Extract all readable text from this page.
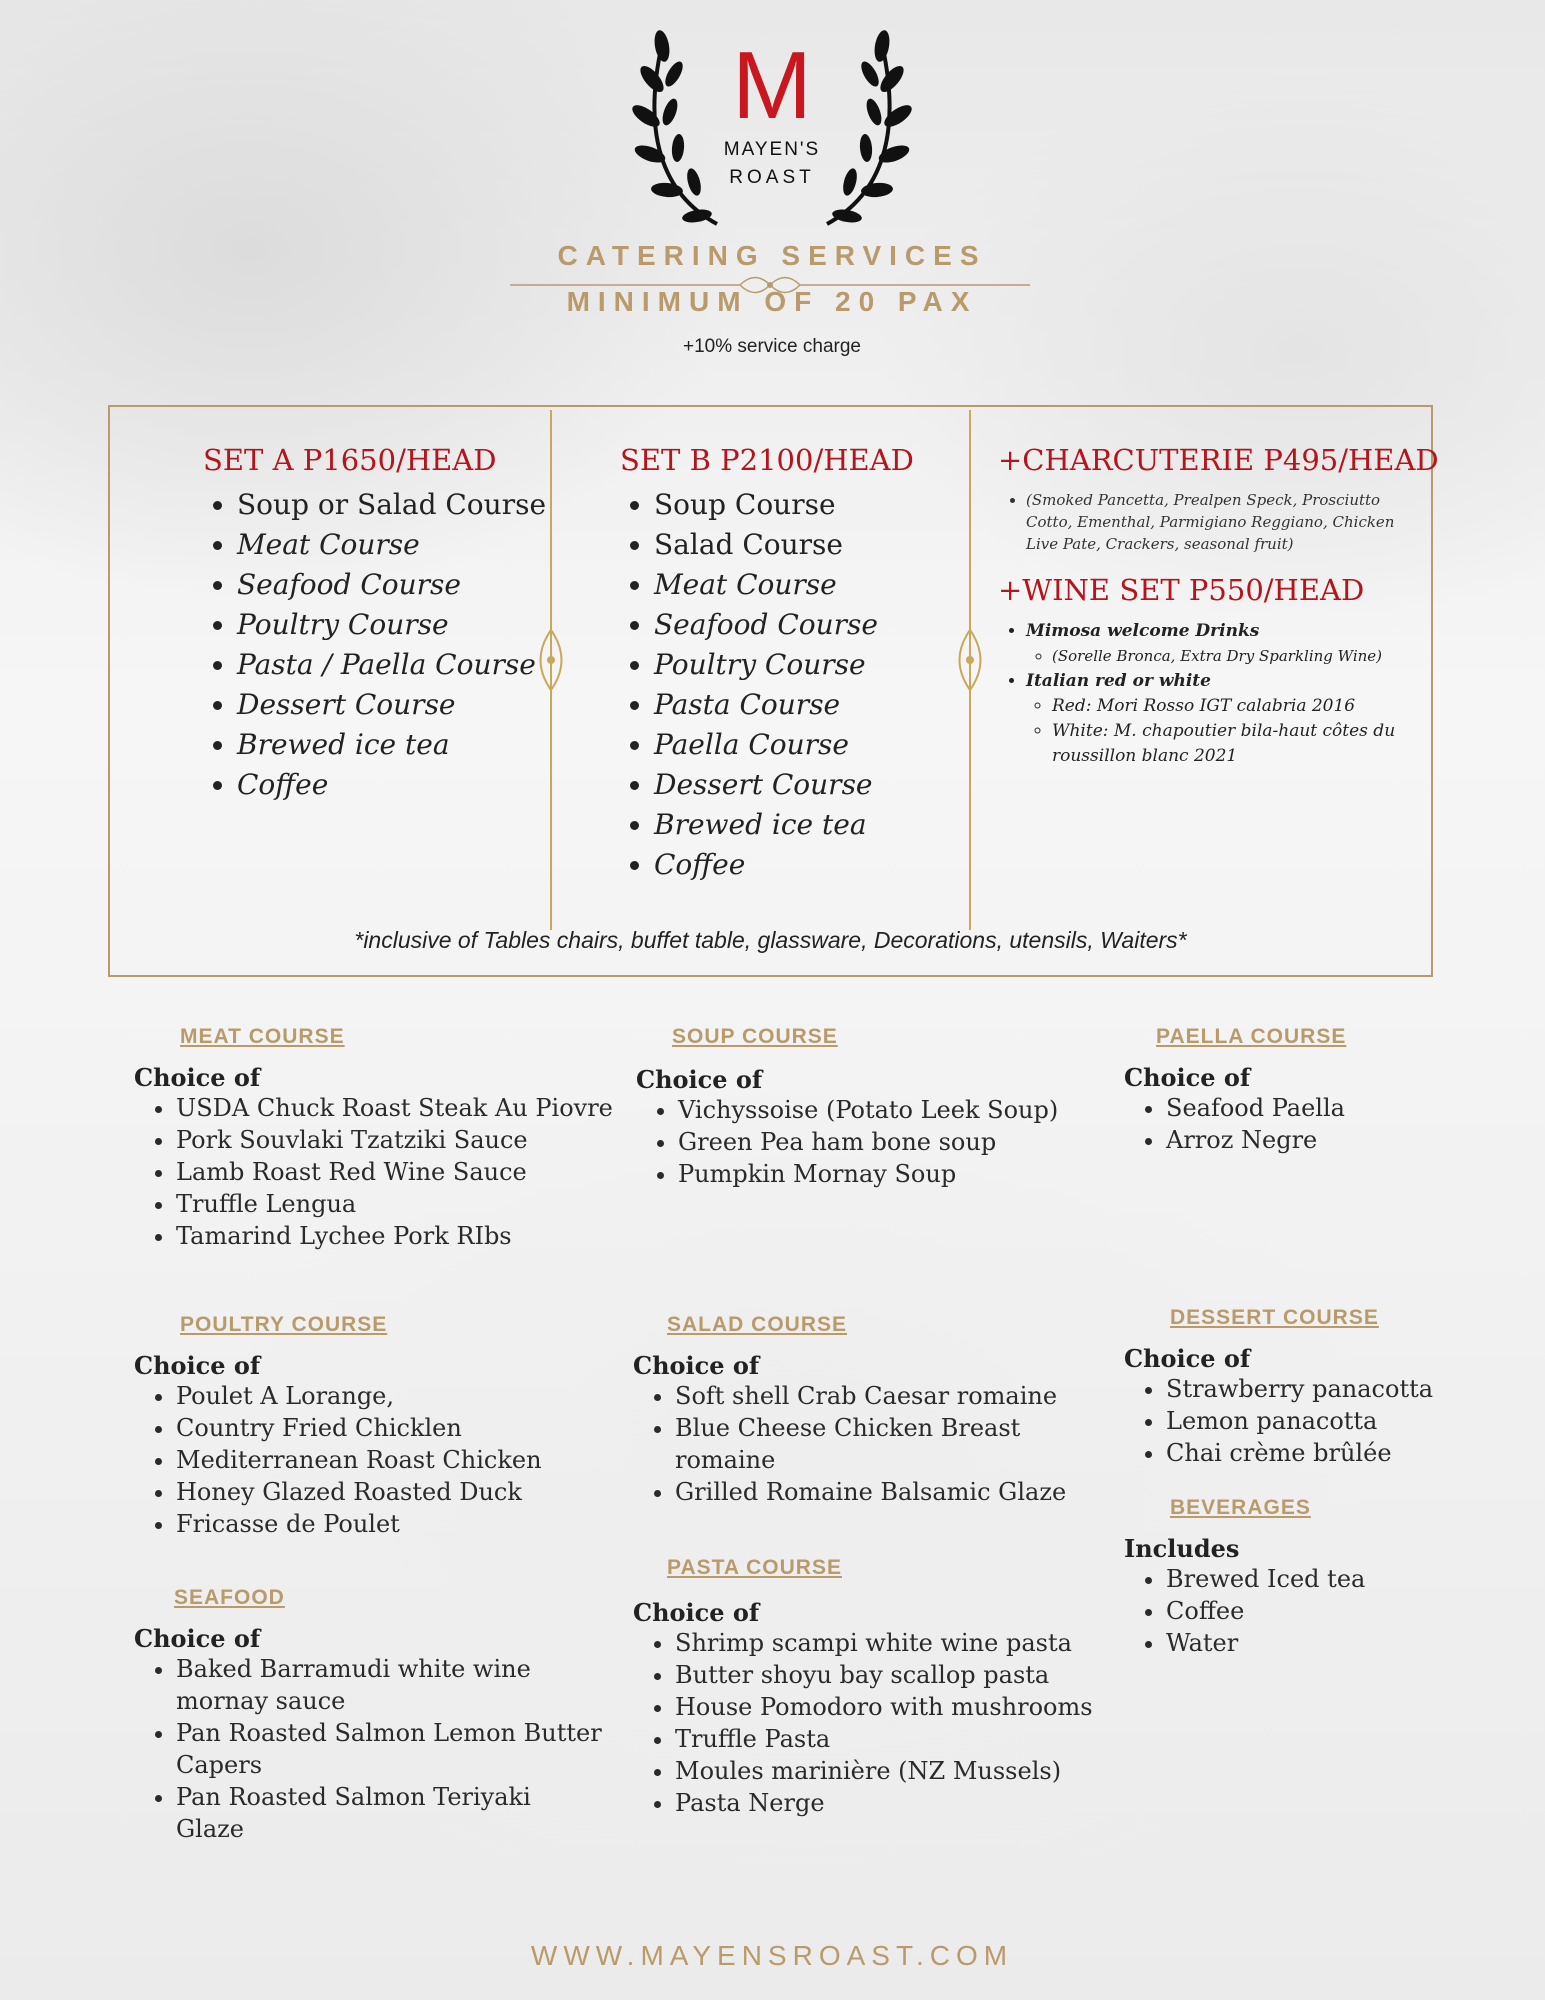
M
MAYEN'S
ROAST
CATERING SERVICES
MINIMUM OF 20 PAX
+10% service charge
SET A P1650/HEAD
• Soup or Salad Course
• Meat Course
• Seafood Course
• Poultry Course
• Pasta / Paella Course
• Dessert Course
• Brewed ice tea
• Coffee
SET B P2100/HEAD
• Soup Course
• Salad Course
• Meat Course
• Seafood Course
• Poultry Course
• Pasta Course
• Paella Course
• Dessert Course
• Brewed ice tea
• Coffee
+CHARCUTERIE P495/HEAD
• (Smoked Pancetta, Prealpen Speck, Prosciutto Cotto, Ementhal, Parmigiano Reggiano, Chicken Live Pate, Crackers, seasonal fruit)
+WINE SET P550/HEAD
• Mimosa welcome Drinks
◦ (Sorelle Bronca, Extra Dry Sparkling Wine)
• Italian red or white
◦ Red: Mori Rosso IGT calabria 2016
◦ White: M. chapoutier bila-haut côtes du roussillon blanc 2021
*inclusive of Tables chairs, buffet table, glassware, Decorations, utensils, Waiters*
MEAT COURSE
Choice of
• USDA Chuck Roast Steak Au Piovre
• Pork Souvlaki Tzatziki Sauce
• Lamb Roast Red Wine Sauce
• Truffle Lengua
• Tamarind Lychee Pork RIbs
SOUP COURSE
Choice of
• Vichyssoise (Potato Leek Soup)
• Green Pea ham bone soup
• Pumpkin Mornay Soup
PAELLA COURSE
Choice of
• Seafood Paella
• Arroz Negre
POULTRY COURSE
Choice of
• Poulet A Lorange,
• Country Fried Chicklen
• Mediterranean Roast Chicken
• Honey Glazed Roasted Duck
• Fricasse de Poulet
SALAD COURSE
Choice of
• Soft shell Crab Caesar romaine
• Blue Cheese Chicken Breast romaine
• Grilled Romaine Balsamic Glaze
DESSERT COURSE
Choice of
• Strawberry panacotta
• Lemon panacotta
• Chai crème brûlée
BEVERAGES
Includes
• Brewed Iced tea
• Coffee
• Water
SEAFOOD
Choice of
• Baked Barramudi white wine mornay sauce
• Pan Roasted Salmon Lemon Butter Capers
• Pan Roasted Salmon Teriyaki Glaze
PASTA COURSE
Choice of
• Shrimp scampi white wine pasta
• Butter shoyu bay scallop pasta
• House Pomodoro with mushrooms
• Truffle Pasta
• Moules marinière (NZ Mussels)
• Pasta Nerge
WWW.MAYENSROAST.COM
